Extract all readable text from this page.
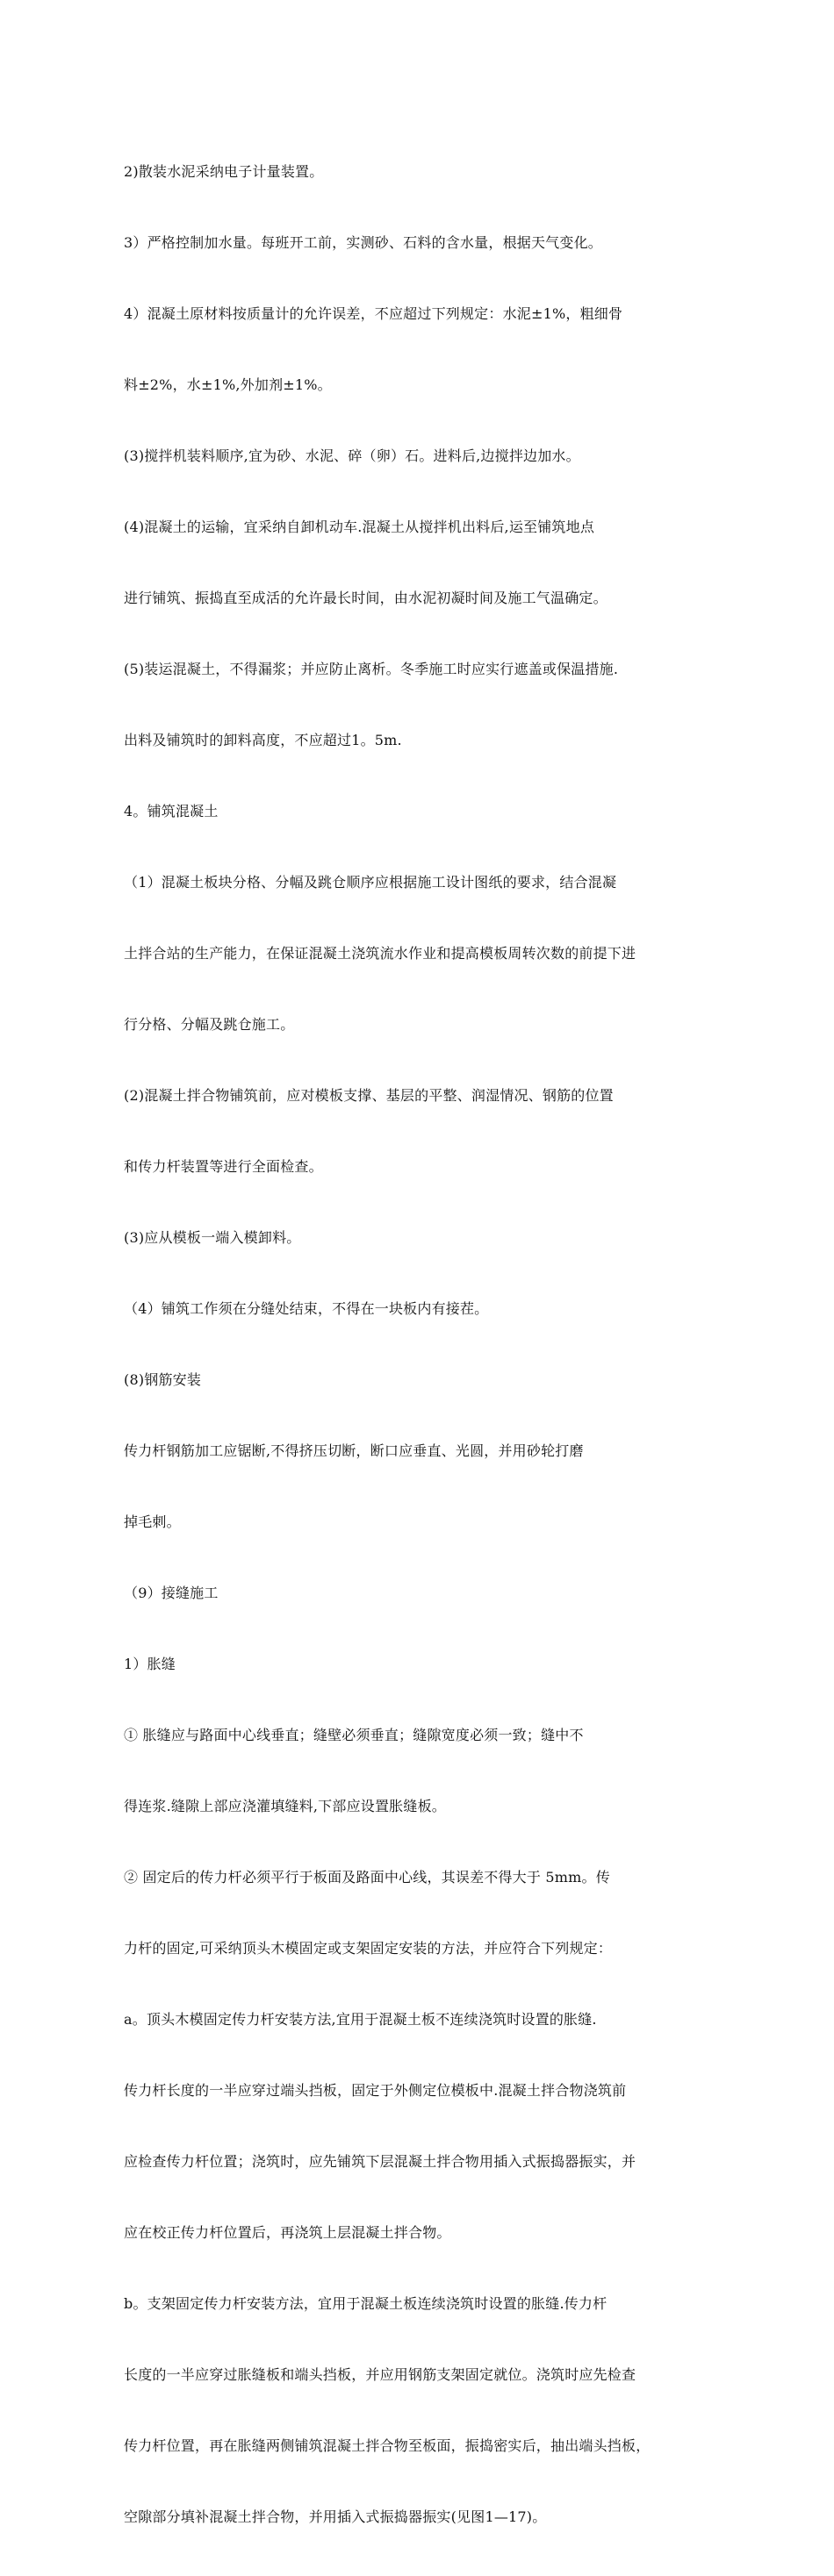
2)散装水泥采纳电子计量装置。

3）严格控制加水量。每班开工前，实测砂、石料的含水量，根据天气变化。

4）混凝土原材料按质量计的允许误差，不应超过下列规定：水泥±1%，粗细骨

料±2%，水±1%,外加剂±1%。

(3)搅拌机装料顺序,宜为砂、水泥、碎（卵）石。进料后,边搅拌边加水。

(4)混凝土的运输，宜采纳自卸机动车.混凝土从搅拌机出料后,运至铺筑地点

进行铺筑、振捣直至成活的允许最长时间，由水泥初凝时间及施工气温确定。

(5)装运混凝土，不得漏浆；并应防止离析。冬季施工时应实行遮盖或保温措施.

出料及铺筑时的卸料高度，不应超过1。5m.

4。铺筑混凝土

（1）混凝土板块分格、分幅及跳仓顺序应根据施工设计图纸的要求，结合混凝

土拌合站的生产能力，在保证混凝土浇筑流水作业和提高模板周转次数的前提下进

行分格、分幅及跳仓施工。

(2)混凝土拌合物铺筑前，应对模板支撑、基层的平整、润湿情况、钢筋的位置

和传力杆装置等进行全面检查。

(3)应从模板一端入模卸料。

（4）铺筑工作须在分缝处结束，不得在一块板内有接茬。

(8)钢筋安装

传力杆钢筋加工应锯断,不得挤压切断，断口应垂直、光圆，并用砂轮打磨

掉毛刺。

（9）接缝施工

1）胀缝

① 胀缝应与路面中心线垂直；缝壁必须垂直；缝隙宽度必须一致；缝中不

得连浆.缝隙上部应浇灌填缝料,下部应设置胀缝板。

② 固定后的传力杆必须平行于板面及路面中心线，其误差不得大于 5mm。传

力杆的固定,可采纳顶头木模固定或支架固定安装的方法，并应符合下列规定：

a。顶头木模固定传力杆安装方法,宜用于混凝土板不连续浇筑时设置的胀缝.

传力杆长度的一半应穿过端头挡板，固定于外侧定位模板中.混凝土拌合物浇筑前

应检查传力杆位置；浇筑时，应先铺筑下层混凝土拌合物用插入式振捣器振实，并

应在校正传力杆位置后，再浇筑上层混凝土拌合物。

b。支架固定传力杆安装方法，宜用于混凝土板连续浇筑时设置的胀缝.传力杆

长度的一半应穿过胀缝板和端头挡板，并应用钢筋支架固定就位。浇筑时应先检查

传力杆位置，再在胀缝两侧铺筑混凝土拌合物至板面，振捣密实后，抽出端头挡板，

空隙部分填补混凝土拌合物，并用插入式振捣器振实(见图1—17)。
